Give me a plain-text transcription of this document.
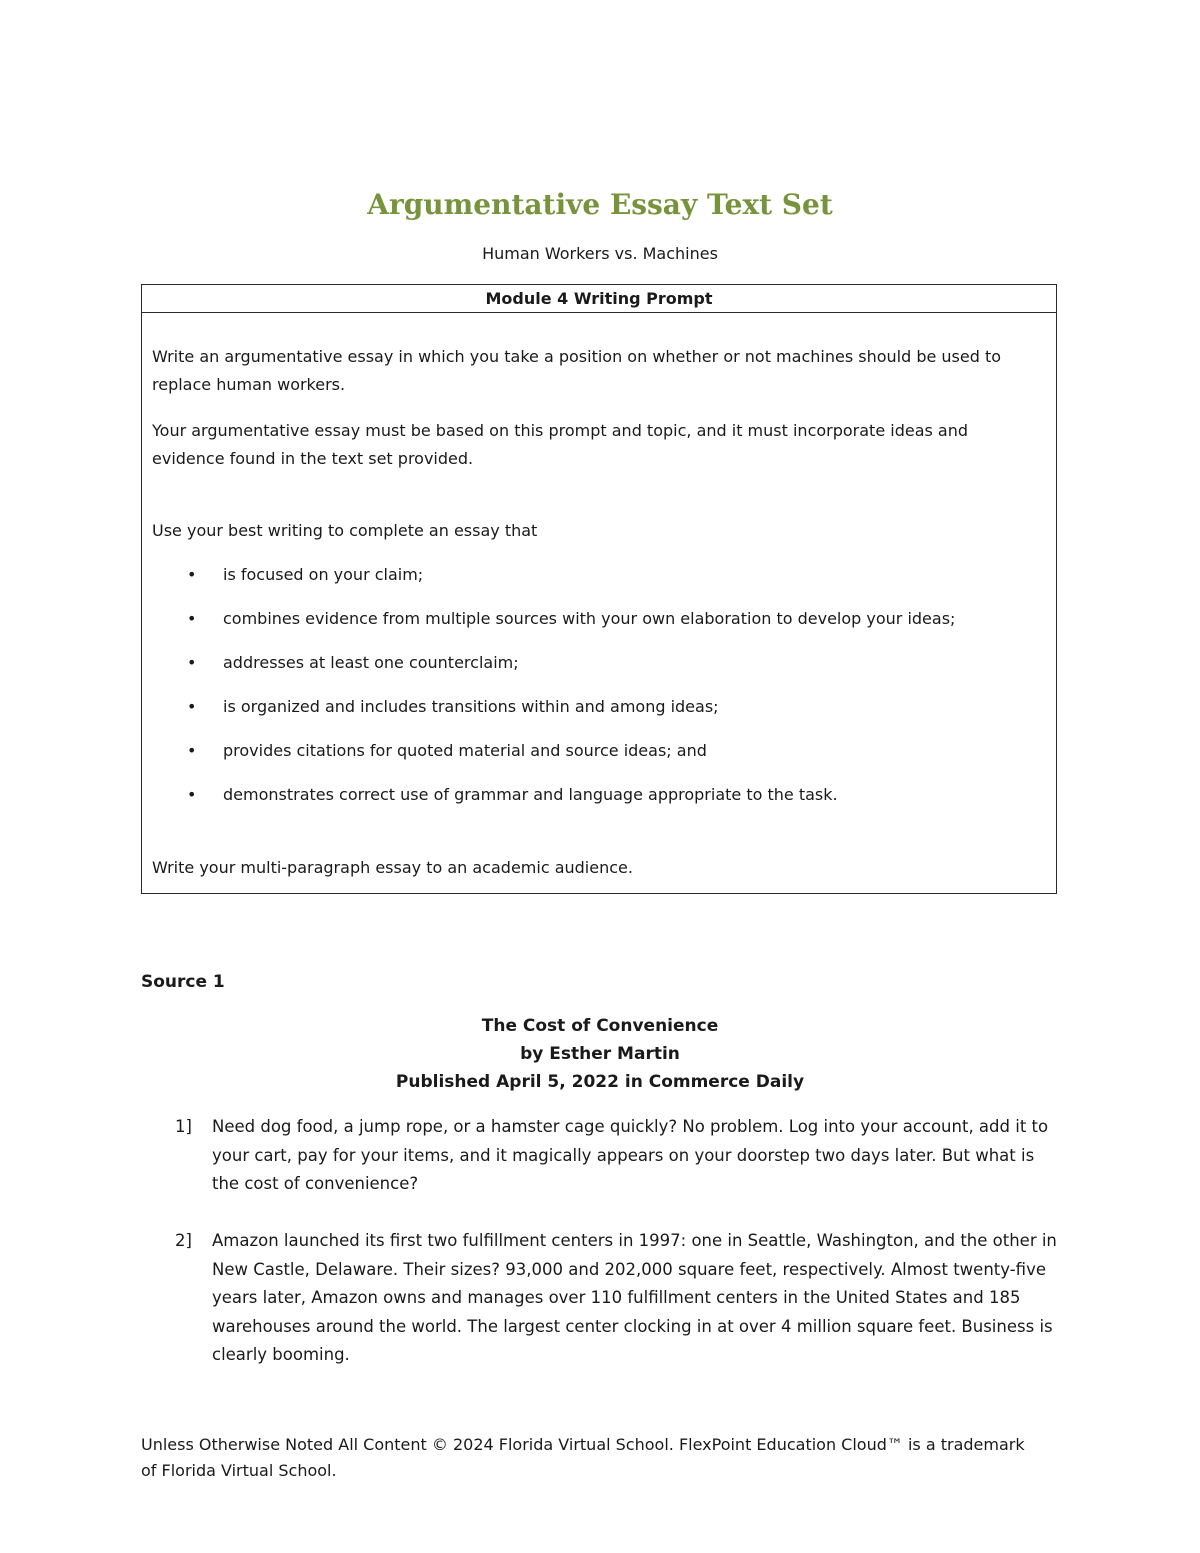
Argumentative Essay Text Set

Human Workers vs. Machines

Module 4 Writing Prompt

Write an argumentative essay in which you take a position on whether or not machines should be used to replace human workers.

Your argumentative essay must be based on this prompt and topic, and it must incorporate ideas and evidence found in the text set provided.

Use your best writing to complete an essay that

• is focused on your claim;
• combines evidence from multiple sources with your own elaboration to develop your ideas;
• addresses at least one counterclaim;
• is organized and includes transitions within and among ideas;
• provides citations for quoted material and source ideas; and
• demonstrates correct use of grammar and language appropriate to the task.

Write your multi-paragraph essay to an academic audience.

Source 1

The Cost of Convenience
by Esther Martin
Published April 5, 2022 in Commerce Daily
1] Need dog food, a jump rope, or a hamster cage quickly? No problem. Log into your account, add it to your cart, pay for your items, and it magically appears on your doorstep two days later. But what is the cost of convenience?
2] Amazon launched its first two fulfillment centers in 1997: one in Seattle, Washington, and the other in New Castle, Delaware. Their sizes? 93,000 and 202,000 square feet, respectively. Almost twenty-five years later, Amazon owns and manages over 110 fulfillment centers in the United States and 185 warehouses around the world. The largest center clocking in at over 4 million square feet. Business is clearly booming.

Unless Otherwise Noted All Content © 2024 Florida Virtual School. FlexPoint Education Cloud™ is a trademark of Florida Virtual School.
